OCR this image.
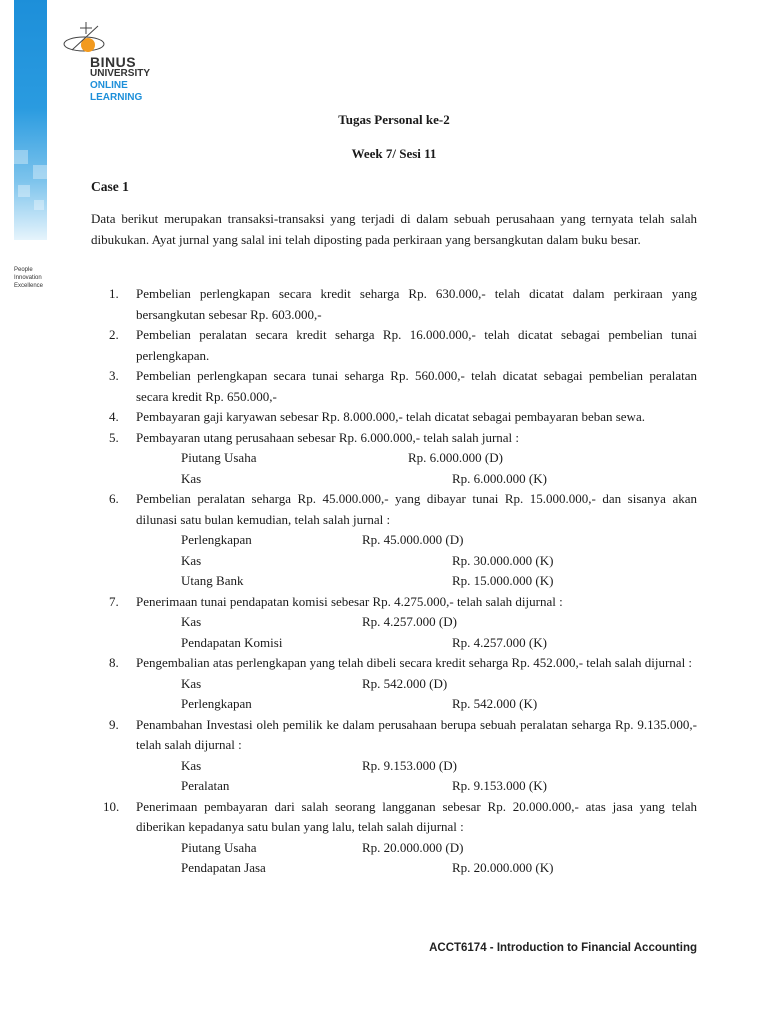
People
Innovation
Excellence
BINUS
UNIVERSITY
ONLINE
LEARNING
Tugas Personal ke-2
Week 7/ Sesi 11
Case 1
Data berikut merupakan transaksi-transaksi yang terjadi di dalam sebuah perusahaan yang ternyata telah salah dibukukan. Ayat jurnal yang salal ini telah diposting pada perkiraan yang bersangkutan dalam buku besar.
1. Pembelian perlengkapan secara kredit seharga Rp. 630.000,- telah dicatat dalam perkiraan yang bersangkutan sebesar Rp. 603.000,-
2. Pembelian peralatan secara kredit seharga Rp. 16.000.000,- telah dicatat sebagai pembelian tunai perlengkapan.
3. Pembelian perlengkapan secara tunai seharga Rp. 560.000,- telah dicatat sebagai pembelian peralatan secara kredit Rp. 650.000,-
4. Pembayaran gaji karyawan sebesar Rp. 8.000.000,- telah dicatat sebagai pembayaran beban sewa.
5. Pembayaran utang perusahaan sebesar Rp. 6.000.000,- telah salah jurnal :
Piutang Usaha	Rp. 6.000.000 (D)
Kas	Rp. 6.000.000 (K)
6. Pembelian peralatan seharga Rp. 45.000.000,- yang dibayar tunai Rp. 15.000.000,- dan sisanya akan dilunasi satu bulan kemudian, telah salah jurnal :
Perlengkapan	Rp. 45.000.000 (D)
Kas	Rp. 30.000.000 (K)
Utang Bank	Rp. 15.000.000 (K)
7. Penerimaan tunai pendapatan komisi sebesar Rp. 4.275.000,- telah salah dijurnal :
Kas	Rp. 4.257.000 (D)
Pendapatan Komisi	Rp. 4.257.000 (K)
8. Pengembalian atas perlengkapan yang telah dibeli secara kredit seharga Rp. 452.000,- telah salah dijurnal :
Kas	Rp. 542.000 (D)
Perlengkapan	Rp. 542.000 (K)
9. Penambahan Investasi oleh pemilik ke dalam perusahaan berupa sebuah peralatan seharga Rp. 9.135.000,- telah salah dijurnal :
Kas	Rp. 9.153.000 (D)
Peralatan	Rp. 9.153.000 (K)
10. Penerimaan pembayaran dari salah seorang langganan sebesar Rp. 20.000.000,- atas jasa yang telah diberikan kepadanya satu bulan yang lalu, telah salah dijurnal :
Piutang Usaha	Rp. 20.000.000 (D)
Pendapatan Jasa	Rp. 20.000.000 (K)
ACCT6174 - Introduction to Financial Accounting
